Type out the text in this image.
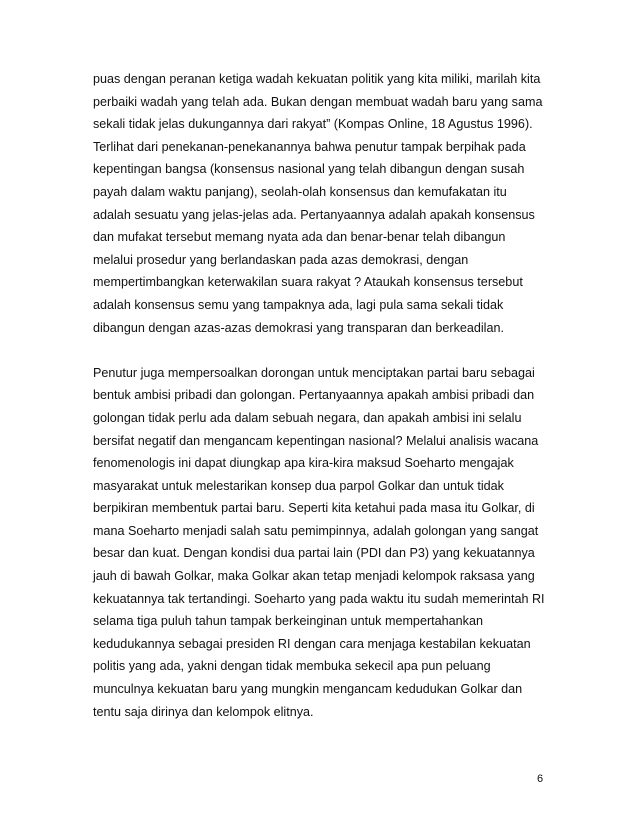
puas dengan peranan ketiga wadah kekuatan politik yang kita miliki, marilah kita
perbaiki wadah yang telah ada. Bukan dengan membuat wadah baru yang sama
sekali tidak jelas dukungannya dari rakyat” (Kompas Online, 18 Agustus 1996).
Terlihat dari penekanan-penekanannya bahwa penutur tampak berpihak pada
kepentingan bangsa (konsensus nasional yang telah dibangun dengan susah
payah dalam waktu panjang), seolah-olah konsensus dan kemufakatan itu
adalah sesuatu yang jelas-jelas ada. Pertanyaannya adalah apakah konsensus
dan mufakat tersebut memang nyata ada dan benar-benar telah dibangun
melalui prosedur yang berlandaskan pada azas demokrasi, dengan
mempertimbangkan keterwakilan suara rakyat ? Ataukah konsensus tersebut
adalah konsensus semu yang tampaknya ada, lagi pula sama sekali tidak
dibangun dengan azas-azas demokrasi yang transparan dan berkeadilan.
Penutur juga mempersoalkan dorongan untuk menciptakan partai baru sebagai
bentuk ambisi pribadi dan golongan. Pertanyaannya apakah ambisi pribadi dan
golongan tidak perlu ada dalam sebuah negara, dan apakah ambisi ini selalu
bersifat negatif dan mengancam kepentingan nasional? Melalui analisis wacana
fenomenologis ini dapat diungkap apa kira-kira maksud Soeharto mengajak
masyarakat untuk melestarikan konsep dua parpol Golkar dan untuk tidak
berpikiran membentuk partai baru. Seperti kita ketahui pada masa itu Golkar, di
mana Soeharto menjadi salah satu pemimpinnya, adalah golongan yang sangat
besar dan kuat. Dengan kondisi dua partai lain (PDI dan P3) yang kekuatannya
jauh di bawah Golkar, maka Golkar akan tetap menjadi kelompok raksasa yang
kekuatannya tak tertandingi. Soeharto yang pada waktu itu sudah memerintah RI
selama tiga puluh tahun tampak berkeinginan untuk mempertahankan
kedudukannya sebagai presiden RI dengan cara menjaga kestabilan kekuatan
politis yang ada, yakni dengan tidak membuka sekecil apa pun peluang
munculnya kekuatan baru yang mungkin mengancam kedudukan Golkar dan
tentu saja dirinya dan kelompok elitnya.
6
